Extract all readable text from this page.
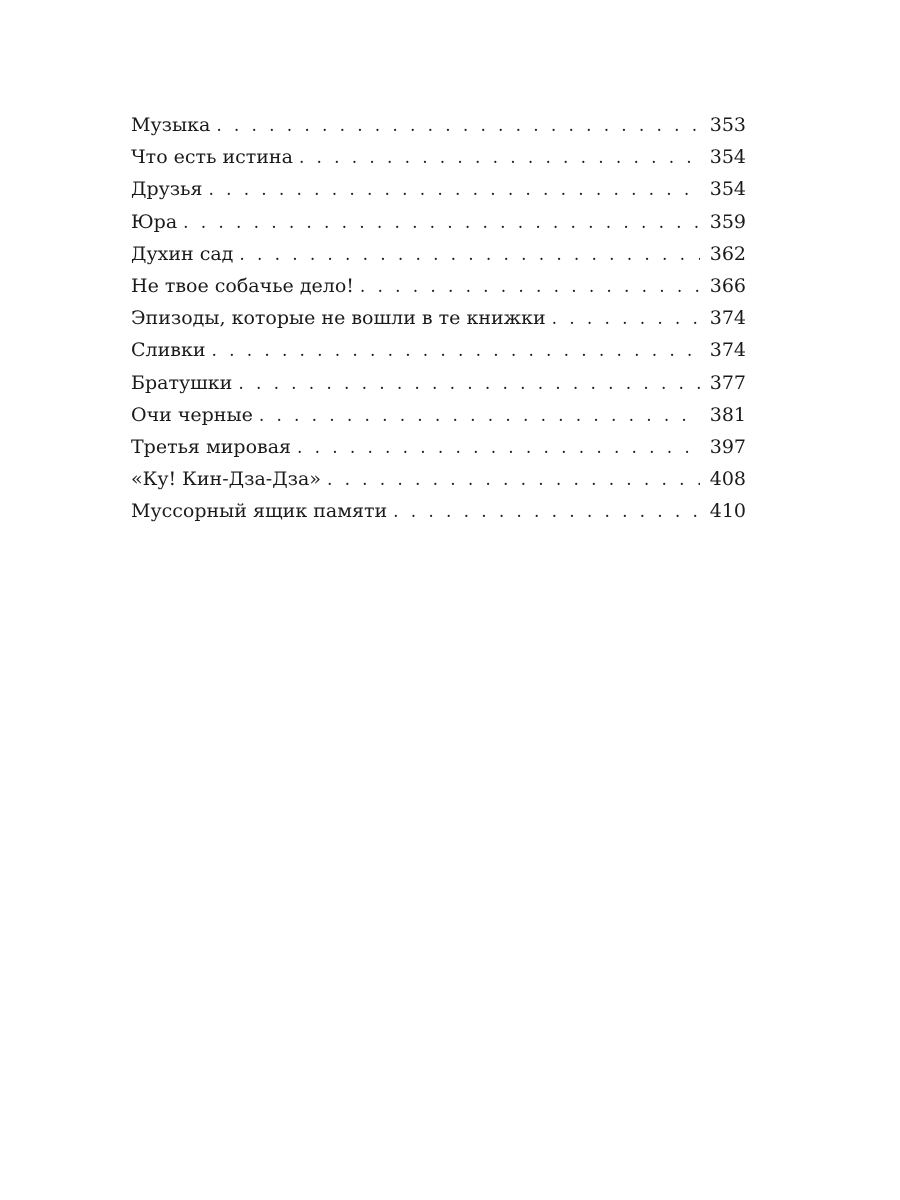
Музыка . . .	353
Что есть истина . . .	354
Друзья . . .	354
Юра . . .	359
Духин сад . . .	362
Не твое собачье дело! . . .	366
Эпизоды, которые не вошли в те книжки . . .	374
Сливки . . .	374
Братушки . . .	377
Очи черные . . .	381
Третья мировая . . .	397
«Ку! Кин-Дза-Дза» . . .	408
Муссорный ящик памяти . . .	410
